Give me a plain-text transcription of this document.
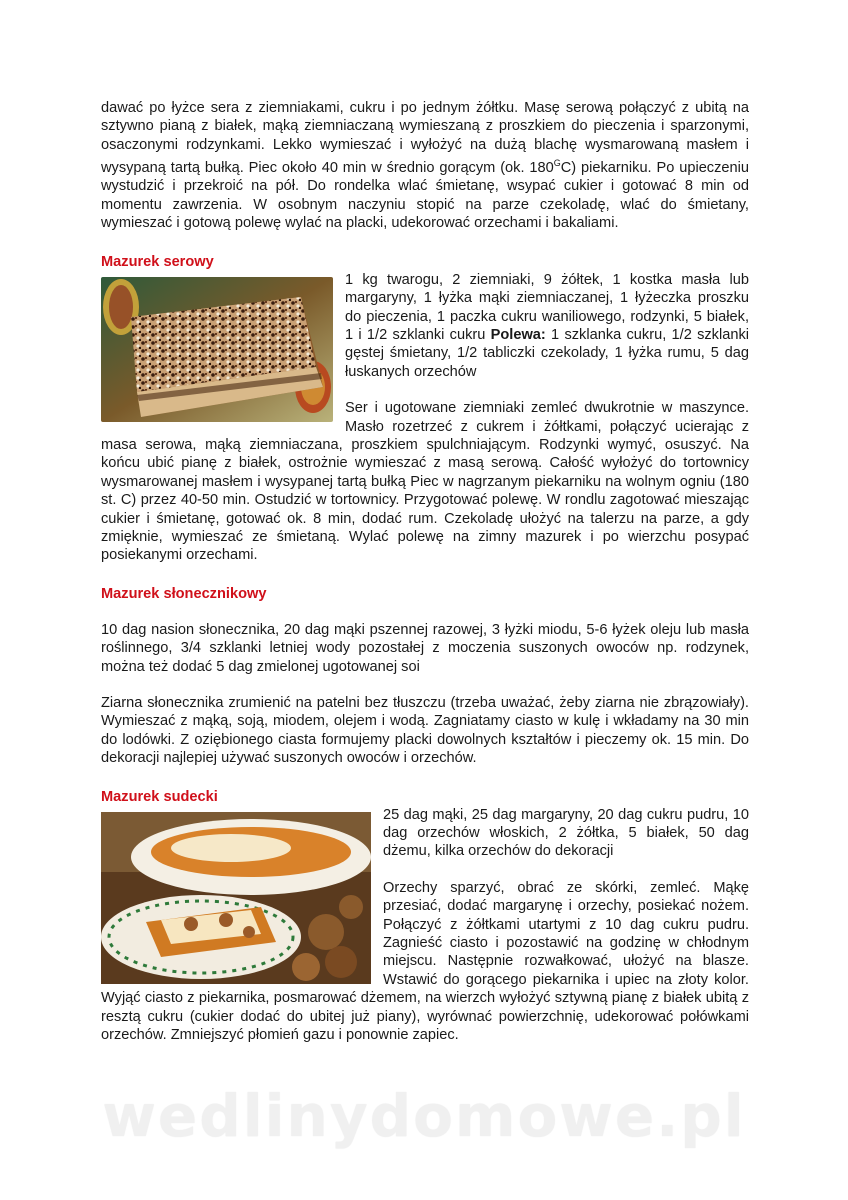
dawać po łyżce sera z ziemniakami, cukru i po jednym żółtku. Masę serową połączyć z ubitą na sztywno pianą z białek, mąką ziemniaczaną wymieszaną z proszkiem do pieczenia i sparzonymi, osaczonymi rodzynkami. Lekko wymieszać i wyłożyć na dużą blachę wysmarowaną masłem i wysypaną tartą bułką. Piec około 40 min w średnio gorącym (ok. $180^GC$) piekarniku. Po upieczeniu wystudzić i przekroić na pół. Do rondelka wlać śmietanę, wsypać cukier i gotować 8 min od momentu zawrzenia. W osobnym naczyniu stopić na parze czekoladę, wlać do śmietany, wymieszać i gotową polewę wylać na placki, udekorować orzechami i bakaliami.

Mazurek serowy

1 kg twarogu, 2 ziemniaki, 9 żółtek, 1 kostka masła lub margaryny, 1 łyżka mąki ziemniaczanej, 1 łyżeczka proszku do pieczenia, 1 paczka cukru waniliowego, rodzynki, 5 białek, 1 i 1/2 szklanki cukru Polewa: 1 szklanka cukru, 1/2 szklanki gęstej śmietany, 1/2 tabliczki czekolady, 1 łyżka rumu, 5 dag łuskanych orzechów

Ser i ugotowane ziemniaki zemleć dwukrotnie w maszynce. Masło rozetrzeć z cukrem i żółtkami, połączyć ucierając z masa serowa, mąką ziemniaczana, proszkiem spulchniającym. Rodzynki wymyć, osuszyć. Na końcu ubić pianę z białek, ostrożnie wymieszać z masą serową. Całość wyłożyć do tortownicy wysmarowanej masłem i wysypanej tartą bułką Piec w nagrzanym piekarniku na wolnym ogniu (180 st. C) przez 40-50 min. Ostudzić w tortownicy. Przygotować polewę. W rondlu zagotować mieszając cukier i śmietanę, gotować ok. 8 min, dodać rum. Czekoladę ułożyć na talerzu na parze, a gdy zmięknie, wymieszać ze śmietaną. Wylać polewę na zimny mazurek i po wierzchu posypać posiekanymi orzechami.

Mazurek słonecznikowy

10 dag nasion słonecznika, 20 dag mąki pszennej razowej, 3 łyżki miodu, 5-6 łyżek oleju lub masła roślinnego, 3/4 szklanki letniej wody pozostałej z moczenia suszonych owoców np. rodzynek, można też dodać 5 dag zmielonej ugotowanej soi

Ziarna słonecznika zrumienić na patelni bez tłuszczu (trzeba uważać, żeby ziarna nie zbrązowiały). Wymieszać z mąką, soją, miodem, olejem i wodą. Zagniatamy ciasto w kulę i wkładamy na 30 min do lodówki. Z oziębionego ciasta formujemy placki dowolnych kształtów i pieczemy ok. 15 min. Do dekoracji najlepiej używać suszonych owoców i orzechów.

Mazurek sudecki

25 dag mąki, 25 dag margaryny, 20 dag cukru pudru, 10 dag orzechów włoskich, 2 żółtka, 5 białek, 50 dag dżemu, kilka orzechów do dekoracji

Orzechy sparzyć, obrać ze skórki, zemleć. Mąkę przesiać, dodać margarynę i orzechy, posiekać nożem. Połączyć z żółtkami utartymi z 10 dag cukru pudru. Zagnieść ciasto i pozostawić na godzinę w chłodnym miejscu. Następnie rozwałkować, ułożyć na blasze. Wstawić do gorącego piekarnika i upiec na złoty kolor. Wyjąć ciasto z piekarnika, posmarować dżemem, na wierzch wyłożyć sztywną pianę z białek ubitą z resztą cukru (cukier dodać do ubitej już piany), wyrównać powierzchnię, udekorować połówkami orzechów. Zmniejszyć płomień gazu i ponownie zapiec.

wedlinydomowe.pl
